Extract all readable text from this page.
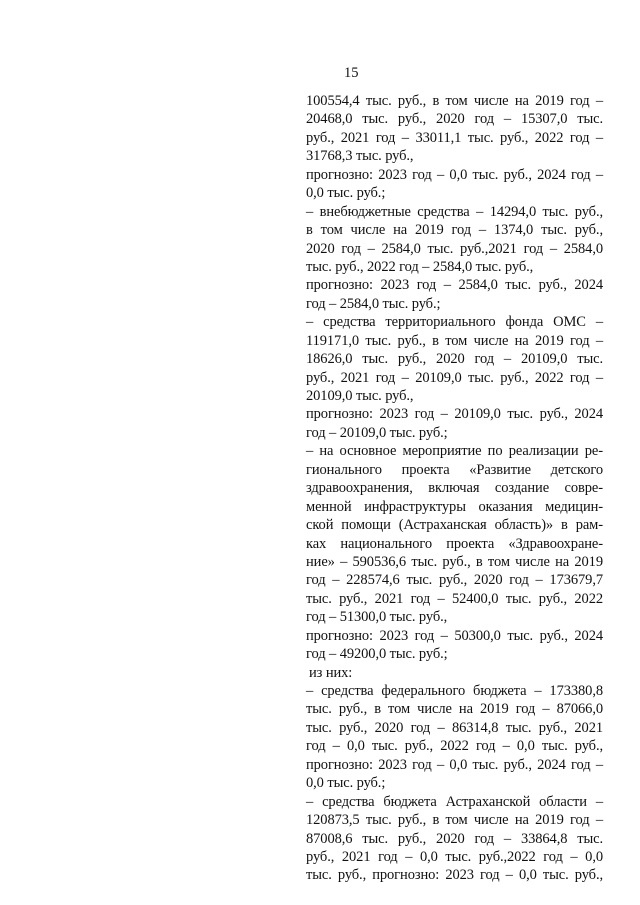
15
100554,4 тыс. руб., в том числе на 2019 год –
20468,0 тыс. руб., 2020 год – 15307,0 тыс.
руб., 2021 год – 33011,1 тыс. руб., 2022 год –
31768,3 тыс. руб.,
прогнозно: 2023 год – 0,0 тыс. руб., 2024 год –
0,0 тыс. руб.;
– внебюджетные средства – 14294,0 тыс. руб.,
в том числе на 2019 год – 1374,0 тыс. руб.,
2020 год – 2584,0 тыс. руб.,2021 год – 2584,0
тыс. руб., 2022 год – 2584,0 тыс. руб.,
прогнозно: 2023 год – 2584,0 тыс. руб., 2024
год – 2584,0 тыс. руб.;
– средства территориального фонда ОМС –
119171,0 тыс. руб., в том числе на 2019 год –
18626,0 тыс. руб., 2020 год – 20109,0 тыс.
руб., 2021 год – 20109,0 тыс. руб., 2022 год –
20109,0 тыс. руб.,
прогнозно: 2023 год – 20109,0 тыс. руб., 2024
год – 20109,0 тыс. руб.;
– на основное мероприятие по реализации ре-
гионального проекта «Развитие детского
здравоохранения, включая создание совре-
менной инфраструктуры оказания медицин-
ской помощи (Астраханская область)» в рам-
ках национального проекта «Здравоохране-
ние» – 590536,6 тыс. руб., в том числе на 2019
год – 228574,6 тыс. руб., 2020 год – 173679,7
тыс. руб., 2021 год – 52400,0 тыс. руб., 2022
год – 51300,0 тыс. руб.,
прогнозно: 2023 год – 50300,0 тыс. руб., 2024
год – 49200,0 тыс. руб.;
из них:
– средства федерального бюджета – 173380,8
тыс. руб., в том числе на 2019 год – 87066,0
тыс. руб., 2020 год – 86314,8 тыс. руб., 2021
год – 0,0 тыс. руб., 2022 год – 0,0 тыс. руб.,
прогнозно: 2023 год – 0,0 тыс. руб., 2024 год –
0,0 тыс. руб.;
– средства бюджета Астраханской области –
120873,5 тыс. руб., в том числе на 2019 год –
87008,6 тыс. руб., 2020 год – 33864,8 тыс.
руб., 2021 год – 0,0 тыс. руб.,2022 год – 0,0
тыс. руб., прогнозно: 2023 год – 0,0 тыс. руб.,
